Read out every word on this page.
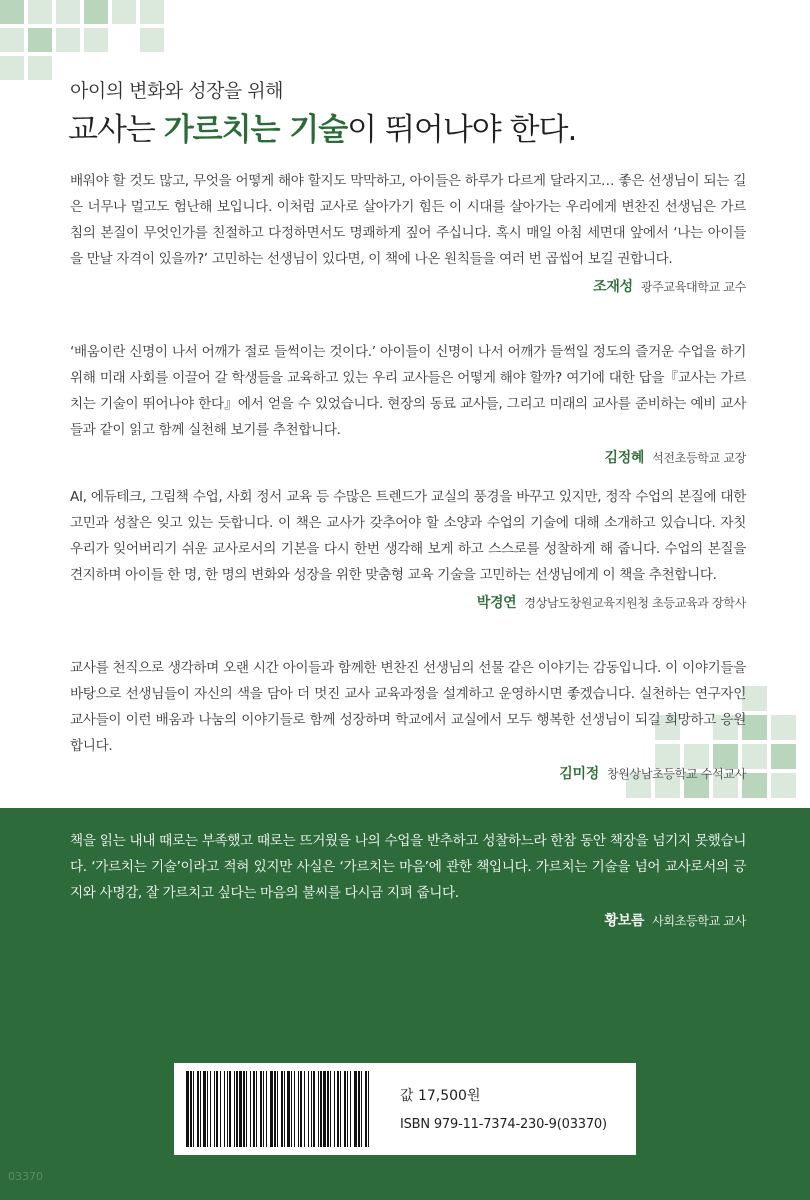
아이의 변화와 성장을 위해
교사는 가르치는 기술이 뛰어나야 한다.

배워야 할 것도 많고, 무엇을 어떻게 해야 할지도 막막하고, 아이들은 하루가 다르게 달라지고… 좋은 선생님이 되는 길은 너무나 멀고도 험난해 보입니다. 이처럼 교사로 살아가기 힘든 이 시대를 살아가는 우리에게 변찬진 선생님은 가르침의 본질이 무엇인가를 친절하고 다정하면서도 명쾌하게 짚어 주십니다. 혹시 매일 아침 세면대 앞에서 ‘나는 아이들을 만날 자격이 있을까?’ 고민하는 선생님이 있다면, 이 책에 나온 원칙들을 여러 번 곱씹어 보길 권합니다.

조재성 광주교육대학교 교수

‘배움이란 신명이 나서 어깨가 절로 들썩이는 것이다.’ 아이들이 신명이 나서 어깨가 들썩일 정도의 즐거운 수업을 하기 위해 미래 사회를 이끌어 갈 학생들을 교육하고 있는 우리 교사들은 어떻게 해야 할까? 여기에 대한 답을『교사는 가르치는 기술이 뛰어나야 한다』에서 얻을 수 있었습니다. 현장의 동료 교사들, 그리고 미래의 교사를 준비하는 예비 교사들과 같이 읽고 함께 실천해 보기를 추천합니다.

김정혜 석전초등학교 교장

AI, 에듀테크, 그림책 수업, 사회 정서 교육 등 수많은 트렌드가 교실의 풍경을 바꾸고 있지만, 정작 수업의 본질에 대한 고민과 성찰은 잊고 있는 듯합니다. 이 책은 교사가 갖추어야 할 소양과 수업의 기술에 대해 소개하고 있습니다. 자칫 우리가 잊어버리기 쉬운 교사로서의 기본을 다시 한번 생각해 보게 하고 스스로를 성찰하게 해 줍니다. 수업의 본질을 견지하며 아이들 한 명, 한 명의 변화와 성장을 위한 맞춤형 교육 기술을 고민하는 선생님에게 이 책을 추천합니다.

박경연 경상남도창원교육지원청 초등교육과 장학사

교사를 천직으로 생각하며 오랜 시간 아이들과 함께한 변찬진 선생님의 선물 같은 이야기는 감동입니다. 이 이야기들을 바탕으로 선생님들이 자신의 색을 담아 더 멋진 교사 교육과정을 설계하고 운영하시면 좋겠습니다. 실천하는 연구자인 교사들이 이런 배움과 나눔의 이야기들로 함께 성장하며 학교에서 교실에서 모두 행복한 선생님이 되길 희망하고 응원합니다.

김미정 창원상남초등학교 수석교사

책을 읽는 내내 때로는 부족했고 때로는 뜨거웠을 나의 수업을 반추하고 성찰하느라 한참 동안 책장을 넘기지 못했습니다. ‘가르치는 기술’이라고 적혀 있지만 사실은 ‘가르치는 마음’에 관한 책입니다. 가르치는 기술을 넘어 교사로서의 긍지와 사명감, 잘 가르치고 싶다는 마음의 불씨를 다시금 지펴 줍니다.

황보름 사회초등학교 교사
값 17,500원
ISBN 979-11-7374-230-9(03370)
03370
